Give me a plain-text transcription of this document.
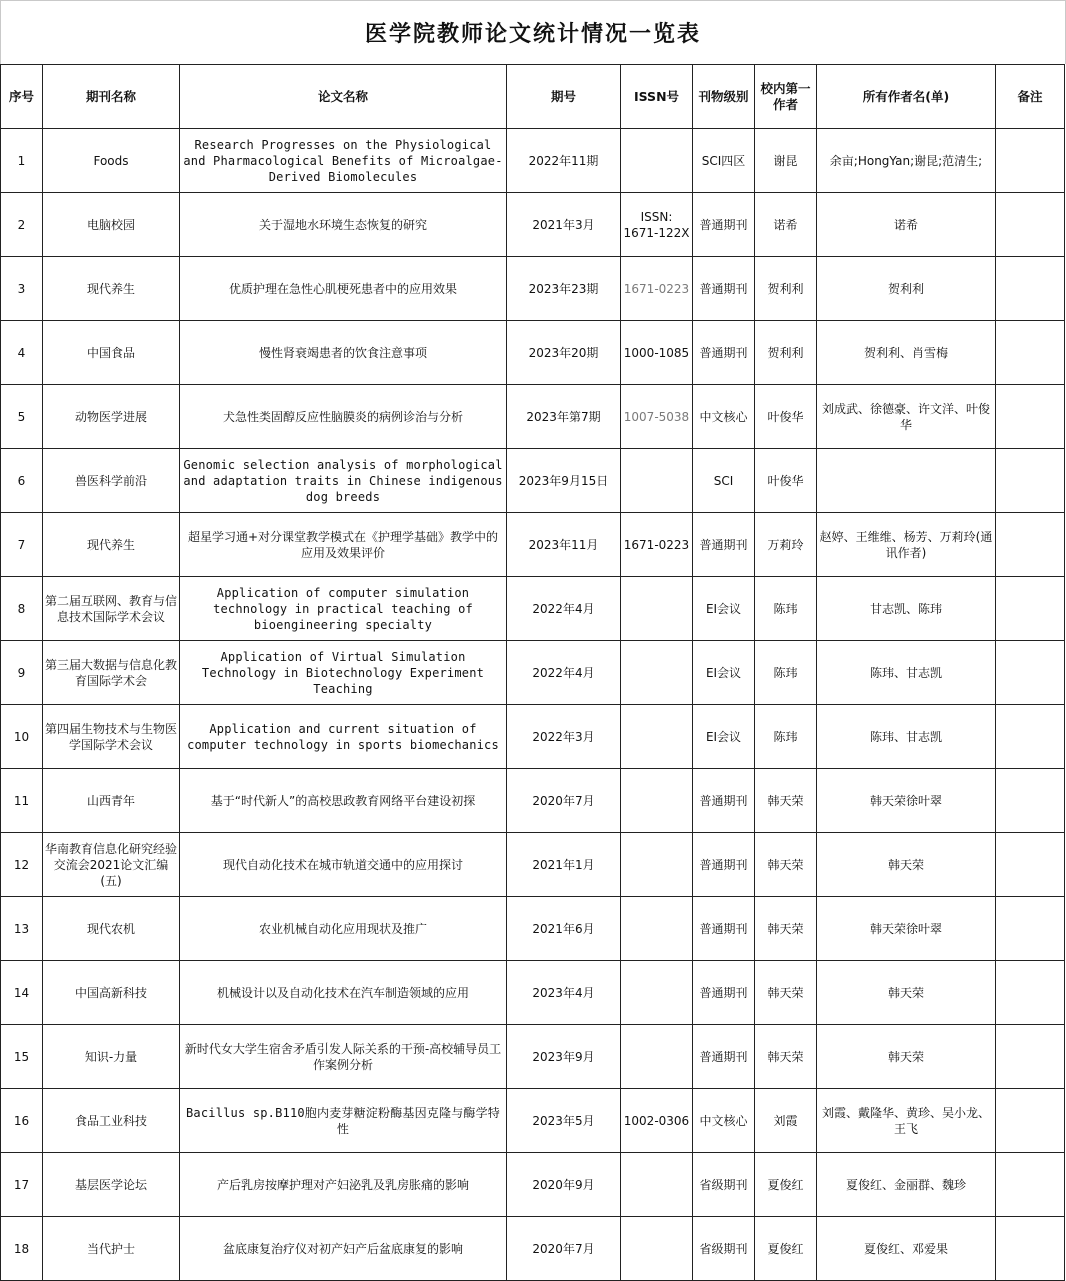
医学院教师论文统计情况一览表
序号	期刊名称	论文名称	期号	ISSN号	刊物级别	校内第一作者	所有作者名(单)	备注
1	Foods	Research Progresses on the Physiological and Pharmacological Benefits of Microalgae-Derived Biomolecules	2022年11期		SCI四区	谢昆	余亩;HongYan;谢昆;范清生;	
2	电脑校园	关于湿地水环境生态恢复的研究	2021年3月	ISSN: 1671-122X	普通期刊	诺希	诺希	
3	现代养生	优质护理在急性心肌梗死患者中的应用效果	2023年23期	1671-0223	普通期刊	贺利利	贺利利	
4	中国食品	慢性肾衰竭患者的饮食注意事项	2023年20期	1000-1085	普通期刊	贺利利	贺利利、肖雪梅	
5	动物医学进展	犬急性类固醇反应性脑膜炎的病例诊治与分析	2023年第7期	1007-5038	中文核心	叶俊华	刘成武、徐德豪、许文洋、叶俊华	
6	兽医科学前沿	Genomic selection analysis of morphological and adaptation traits in Chinese indigenous dog breeds	2023年9月15日		SCI	叶俊华		
7	现代养生	超星学习通+对分课堂教学模式在《护理学基础》教学中的应用及效果评价	2023年11月	1671-0223	普通期刊	万莉玲	赵婷、王维维、杨芳、万莉玲(通讯作者)	
8	第二届互联网、教育与信息技术国际学术会议	Application of computer simulation technology in practical teaching of bioengineering specialty	2022年4月		EI会议	陈玮	甘志凯、陈玮	
9	第三届大数据与信息化教育国际学术会	Application of Virtual Simulation Technology in Biotechnology Experiment Teaching	2022年4月		EI会议	陈玮	陈玮、甘志凯	
10	第四届生物技术与生物医学国际学术会议	Application and current situation of computer technology in sports biomechanics	2022年3月		EI会议	陈玮	陈玮、甘志凯	
11	山西青年	基于“时代新人”的高校思政教育网络平台建设初探	2020年7月		普通期刊	韩天荣	韩天荣徐叶翠	
12	华南教育信息化研究经验交流会2021论文汇编(五)	现代自动化技术在城市轨道交通中的应用探讨	2021年1月		普通期刊	韩天荣	韩天荣	
13	现代农机	农业机械自动化应用现状及推广	2021年6月		普通期刊	韩天荣	韩天荣徐叶翠	
14	中国高新科技	机械设计以及自动化技术在汽车制造领域的应用	2023年4月		普通期刊	韩天荣	韩天荣	
15	知识-力量	新时代女大学生宿舍矛盾引发人际关系的干预-高校辅导员工作案例分析	2023年9月		普通期刊	韩天荣	韩天荣	
16	食品工业科技	Bacillus sp.B110胞内麦芽糖淀粉酶基因克隆与酶学特性	2023年5月	1002-0306	中文核心	刘霞	刘霞、戴隆华、黄珍、吴小龙、王飞	
17	基层医学论坛	产后乳房按摩护理对产妇泌乳及乳房胀痛的影响	2020年9月		省级期刊	夏俊红	夏俊红、金丽群、魏珍	
18	当代护士	盆底康复治疗仪对初产妇产后盆底康复的影响	2020年7月		省级期刊	夏俊红	夏俊红、邓爱果	
